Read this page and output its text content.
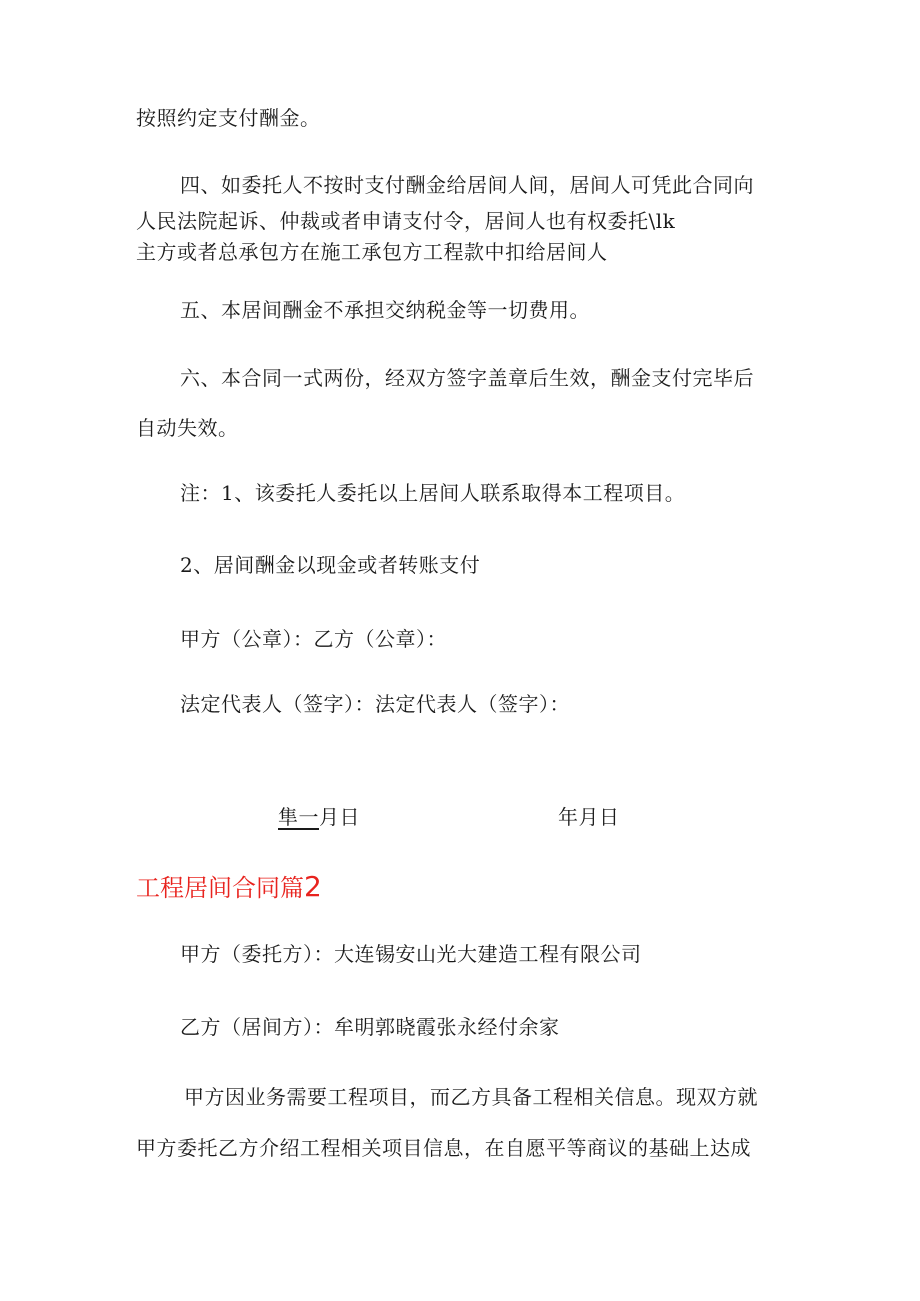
按照约定支付酬金。
四、如委托人不按时支付酬金给居间人间，居间人可凭此合同向
人民法院起诉、仲裁或者申请支付令，居间人也有权委托\lk
主方或者总承包方在施工承包方工程款中扣给居间人
五、本居间酬金不承担交纳税金等一切费用。
六、本合同一式两份，经双方签字盖章后生效，酬金支付完毕后
自动失效。
注：1、该委托人委托以上居间人联系取得本工程项目。
2、居间酬金以现金或者转账支付
甲方（公章）：乙方（公章）：
法定代表人（签字）：法定代表人（签字）：
隼一月日	年月日
工程居间合同篇2
甲方（委托方）：大连锡安山光大建造工程有限公司
乙方（居间方）：牟明郭晓霞张永经付余家
甲方因业务需要工程项目，而乙方具备工程相关信息。现双方就
甲方委托乙方介绍工程相关项目信息，在自愿平等商议的基础上达成
